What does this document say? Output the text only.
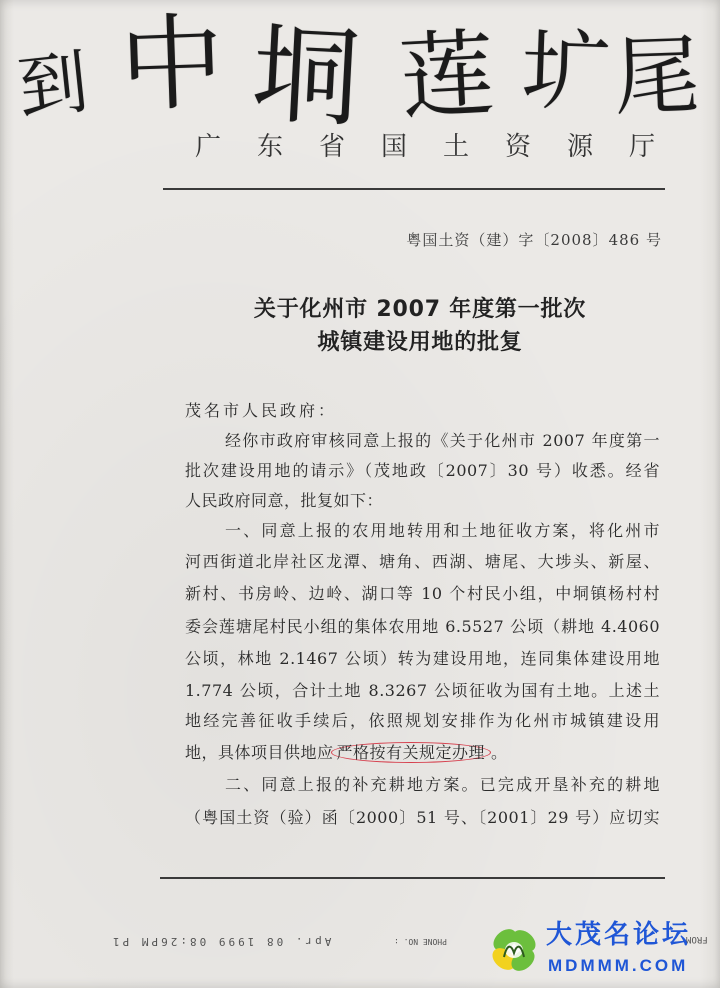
到 中 垌 莲 圹 尾
广东省国土资源厅
粤国土资（建）字〔2008〕486 号
关于化州市 2007 年度第一批次
城镇建设用地的批复
茂名市人民政府：
经你市政府审核同意上报的《关于化州市 2007 年度第一
批次建设用地的请示》（茂地政〔2007〕30 号）收悉。经省
人民政府同意，批复如下：
一、同意上报的农用地转用和土地征收方案，将化州市
河西街道北岸社区龙潭、塘角、西湖、塘尾、大埗头、新屋、
新村、书房岭、边岭、湖口等 10 个村民小组，中垌镇杨村村
委会莲塘尾村民小组的集体农用地 6.5527 公顷（耕地 4.4060
公顷，林地 2.1467 公顷）转为建设用地，连同集体建设用地
1.774 公顷，合计土地 8.3267 公顷征收为国有土地。上述土
地经完善征收手续后，依照规划安排作为化州市城镇建设用
地，具体项目供地应 严格按有关规定办理 。
二、同意上报的补充耕地方案。已完成开垦补充的耕地
（粤国土资（验）函〔2000〕51 号、〔2001〕29 号）应切实
Apr. 08 1999 08:26PM P1	PHONE NO. :	FROM
大茂名论坛
MDMMM.COM
